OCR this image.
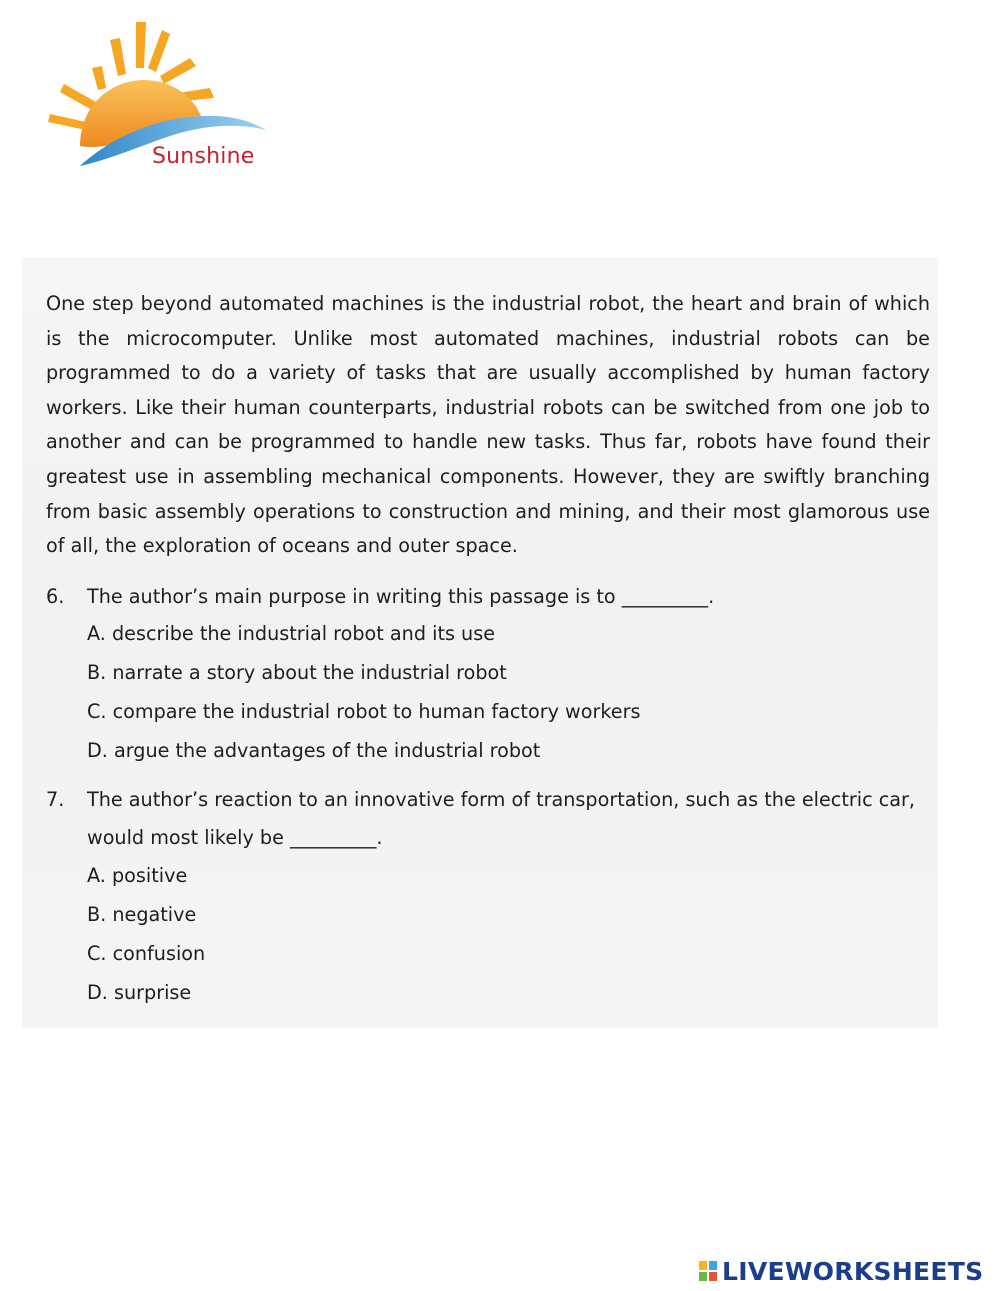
Sunshine

One step beyond automated machines is the industrial robot, the heart and brain of which is the microcomputer. Unlike most automated machines, industrial robots can be programmed to do a variety of tasks that are usually accomplished by human factory workers. Like their human counterparts, industrial robots can be switched from one job to another and can be programmed to handle new tasks. Thus far, robots have found their greatest use in assembling mechanical components. However, they are swiftly branching from basic assembly operations to construction and mining, and their most glamorous use of all, the exploration of oceans and outer space.

6. The author’s main purpose in writing this passage is to _________.
A. describe the industrial robot and its use
B. narrate a story about the industrial robot
C. compare the industrial robot to human factory workers
D. argue the advantages of the industrial robot
7. The author’s reaction to an innovative form of transportation, such as the electric car, would most likely be _________.
A. positive
B. negative
C. confusion
D. surprise
LIVEWORKSHEETS
